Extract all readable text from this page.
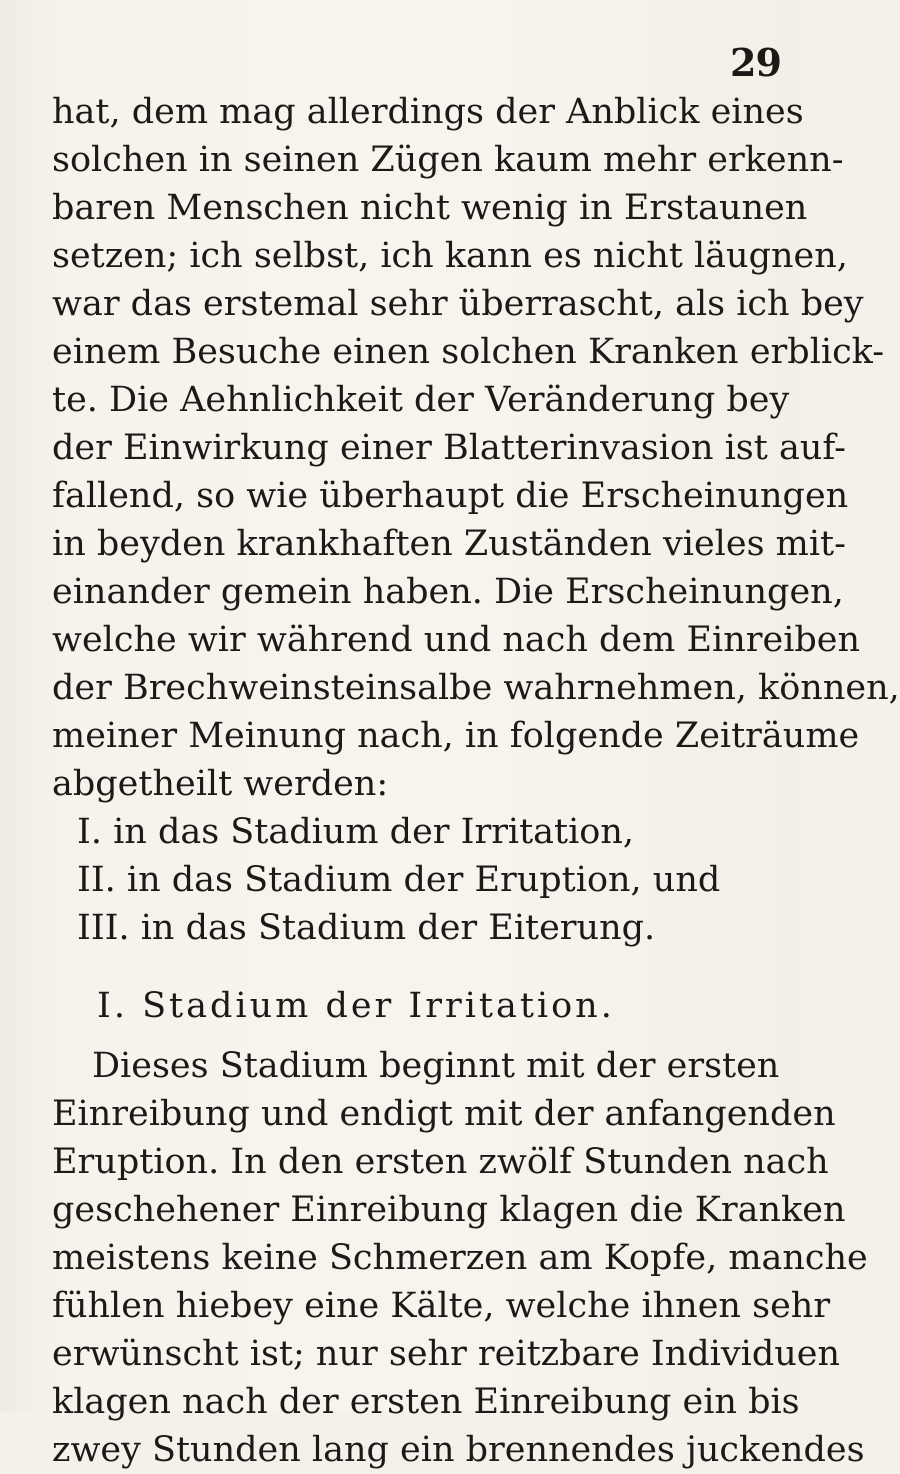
29
hat, dem mag allerdings der Anblick eines
solchen in seinen Zügen kaum mehr erkenn-
baren Menschen nicht wenig in Erstaunen
setzen; ich selbst, ich kann es nicht läugnen,
war das erstemal sehr überrascht, als ich bey
einem Besuche einen solchen Kranken erblick-
te. Die Aehnlichkeit der Veränderung bey
der Einwirkung einer Blatterinvasion ist auf-
fallend, so wie überhaupt die Erscheinungen
in beyden krankhaften Zuständen vieles mit-
einander gemein haben. Die Erscheinungen,
welche wir während und nach dem Einreiben
der Brechweinsteinsalbe wahrnehmen, können,
meiner Meinung nach, in folgende Zeiträume
abgetheilt werden:
I. in das Stadium der Irritation,
II. in das Stadium der Eruption, und
III. in das Stadium der Eiterung.
I. Stadium der Irritation.
Dieses Stadium beginnt mit der ersten
Einreibung und endigt mit der anfangenden
Eruption. In den ersten zwölf Stunden nach
geschehener Einreibung klagen die Kranken
meistens keine Schmerzen am Kopfe, manche
fühlen hiebey eine Kälte, welche ihnen sehr
erwünscht ist; nur sehr reitzbare Individuen
klagen nach der ersten Einreibung ein bis
zwey Stunden lang ein brennendes juckendes
